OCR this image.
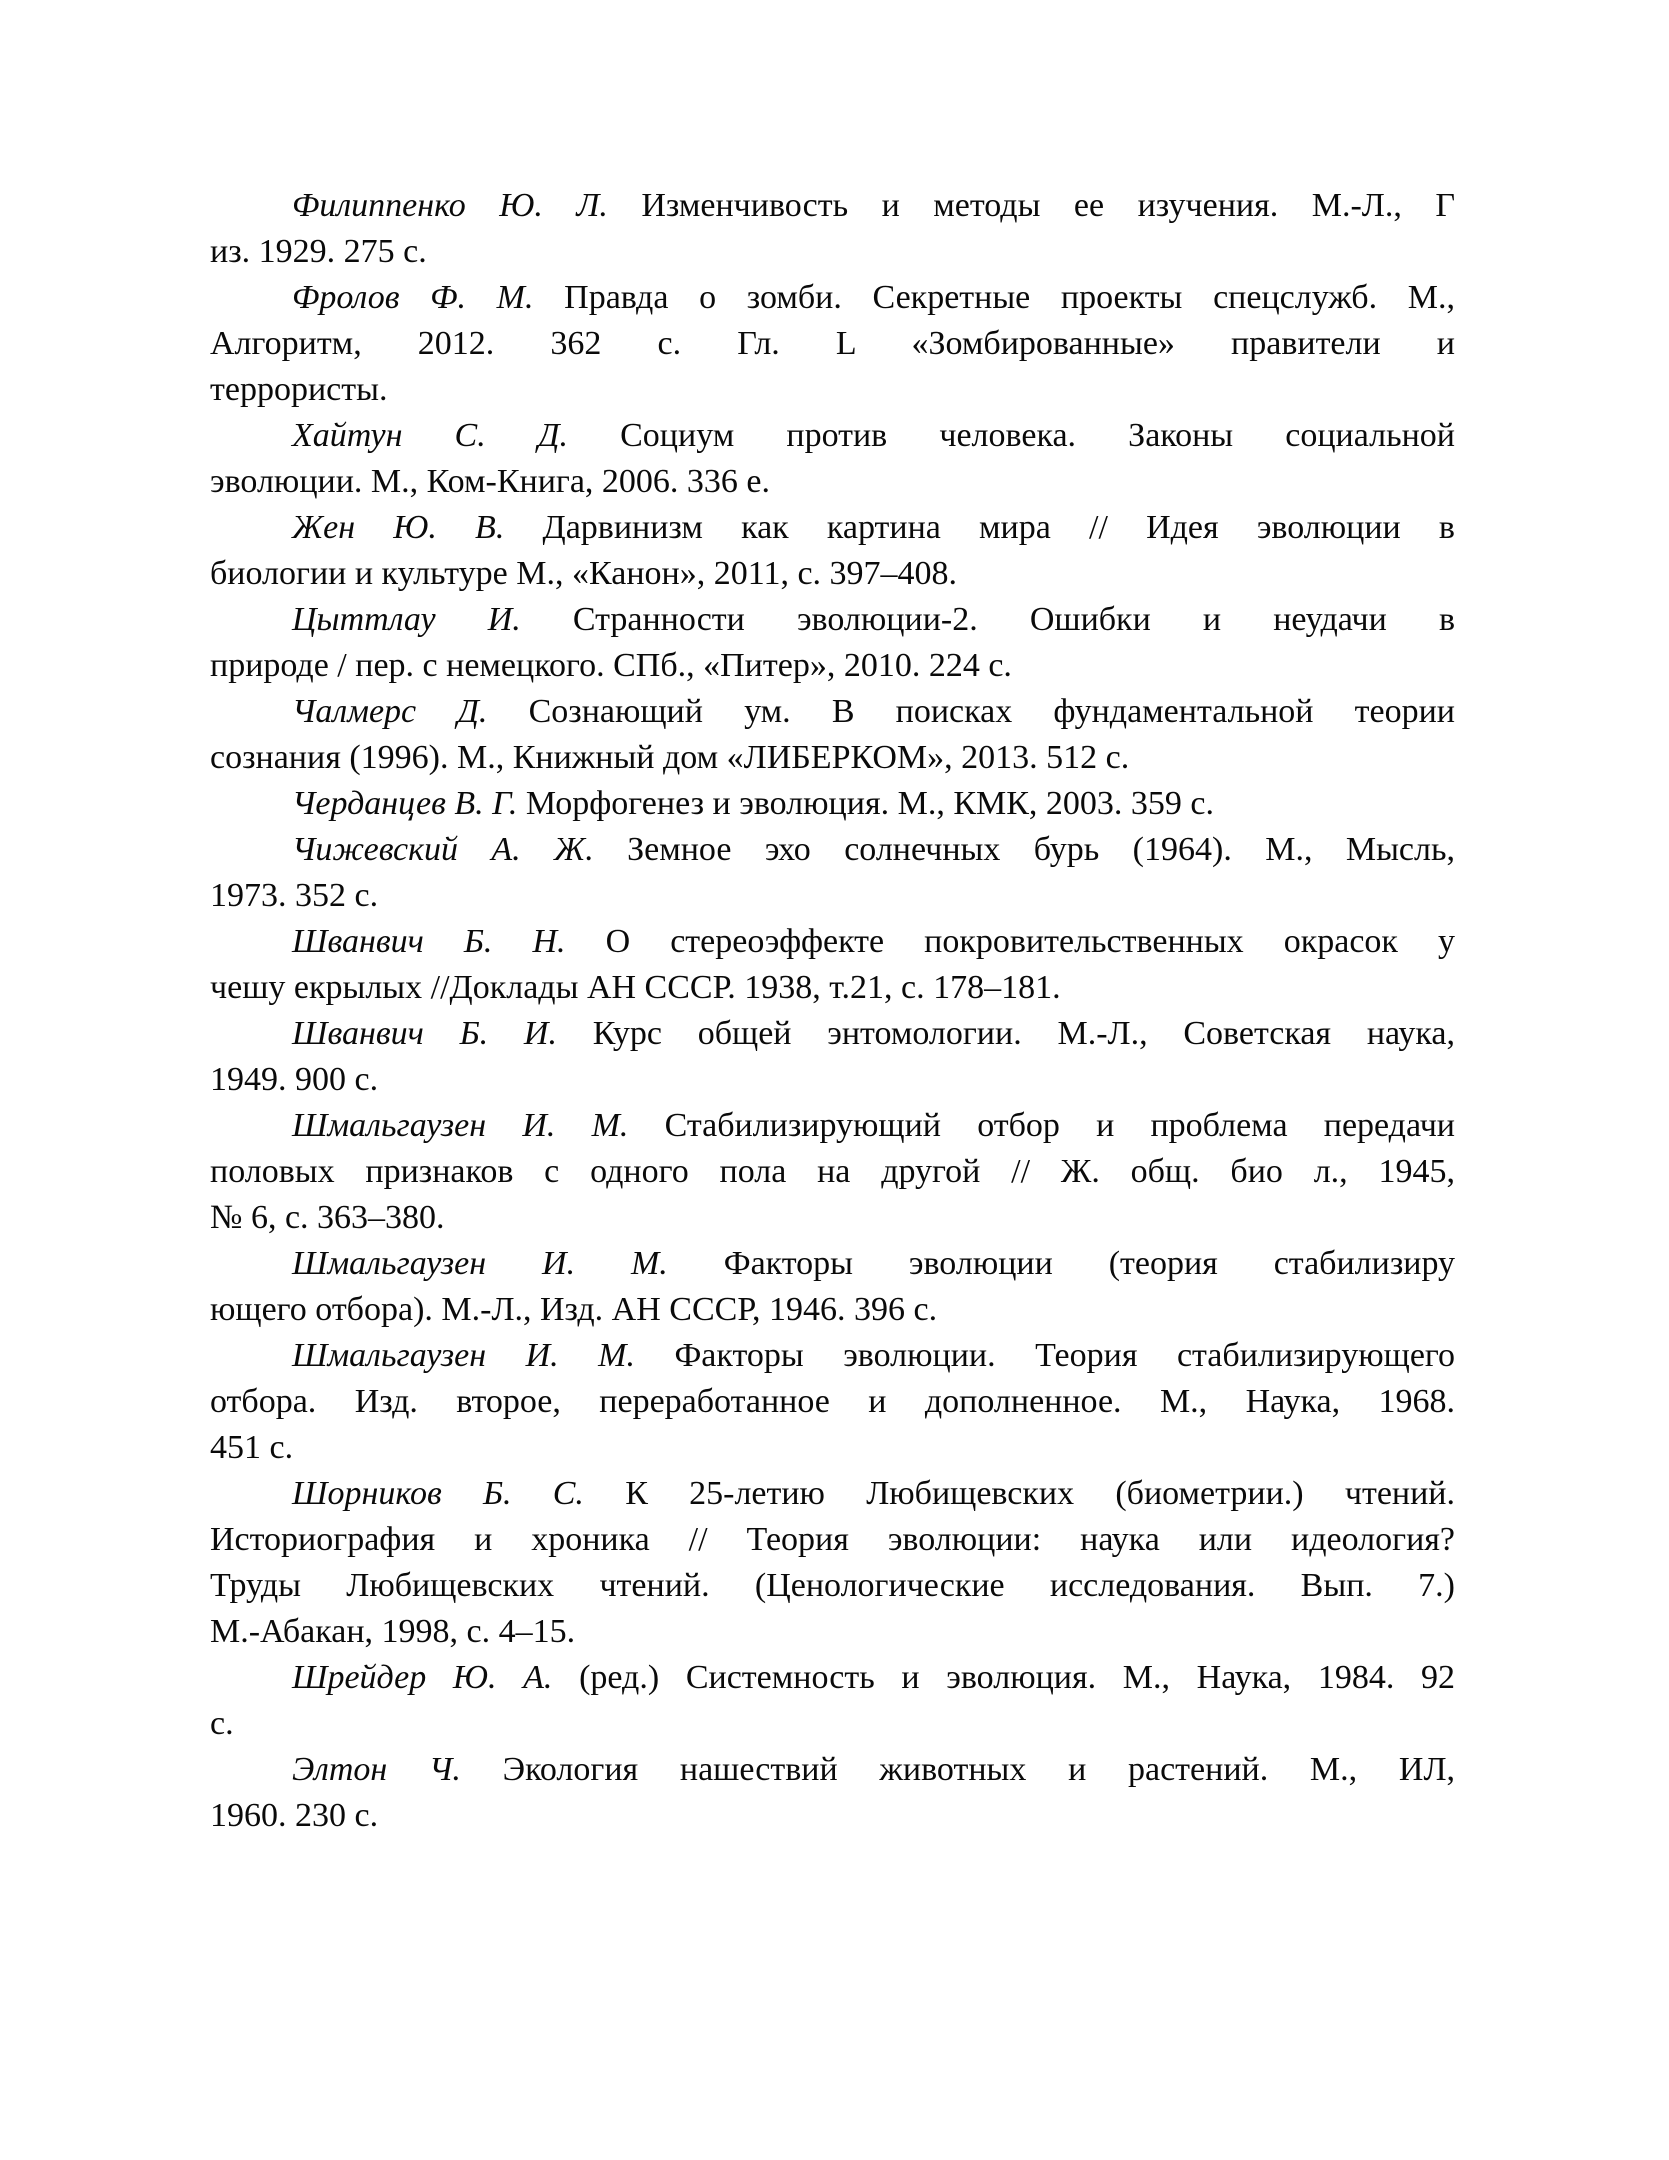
Филиппенко Ю. Л. Изменчивость и методы ее изучения. М.-Л., Г
из. 1929. 275 с.
Фролов Ф. М. Правда о зомби. Секретные проекты спецслужб. М.,
Алгоритм, 2012. 362 с. Гл. L «Зомбированные» правители и
террористы.
Хайтун С. Д. Социум против человека. Законы социальной
эволюции. М., Ком-Книга, 2006. 336 е.
Жен Ю. В. Дарвинизм как картина мира // Идея эволюции в
биологии и культуре М., «Канон», 2011, с. 397–408.
Цыттлау И. Странности эволюции-2. Ошибки и неудачи в
природе / пер. с немецкого. СПб., «Питер», 2010. 224 с.
Чалмерс Д. Сознающий ум. В поисках фундаментальной теории
сознания (1996). М., Книжный дом «ЛИБЕРКОМ», 2013. 512 с.
Черданцев В. Г. Морфогенез и эволюция. М., КМК, 2003. 359 с.
Чижевский А. Ж. Земное эхо солнечных бурь (1964). М., Мысль,
1973. 352 с.
Шванвич Б. Н. О стереоэффекте покровительственных окрасок у
чешу екрылых //Доклады АН СССР. 1938, т.21, с. 178–181.
Шванвич Б. И. Курс общей энтомологии. М.-Л., Советская наука,
1949. 900 с.
Шмальгаузен И. М. Стабилизирующий отбор и проблема передачи
половых признаков с одного пола на другой // Ж. общ. био л., 1945,
№ 6, с. 363–380.
Шмальгаузен И. М. Факторы эволюции (теория стабилизиру
ющего отбора). М.-Л., Изд. АН СССР, 1946. 396 с.
Шмальгаузен И. М. Факторы эволюции. Теория стабилизирующего
отбора. Изд. второе, переработанное и дополненное. М., Наука, 1968.
451 с.
Шорников Б. С. К 25-летию Любищевских (биометрии.) чтений.
Историография и хроника // Теория эволюции: наука или идеология?
Труды Любищевских чтений. (Ценологические исследования. Вып. 7.)
М.-Абакан, 1998, с. 4–15.
Шрейдер Ю. А. (ред.) Системность и эволюция. М., Наука, 1984. 92
с.
Элтон Ч. Экология нашествий животных и растений. М., ИЛ,
1960. 230 с.
